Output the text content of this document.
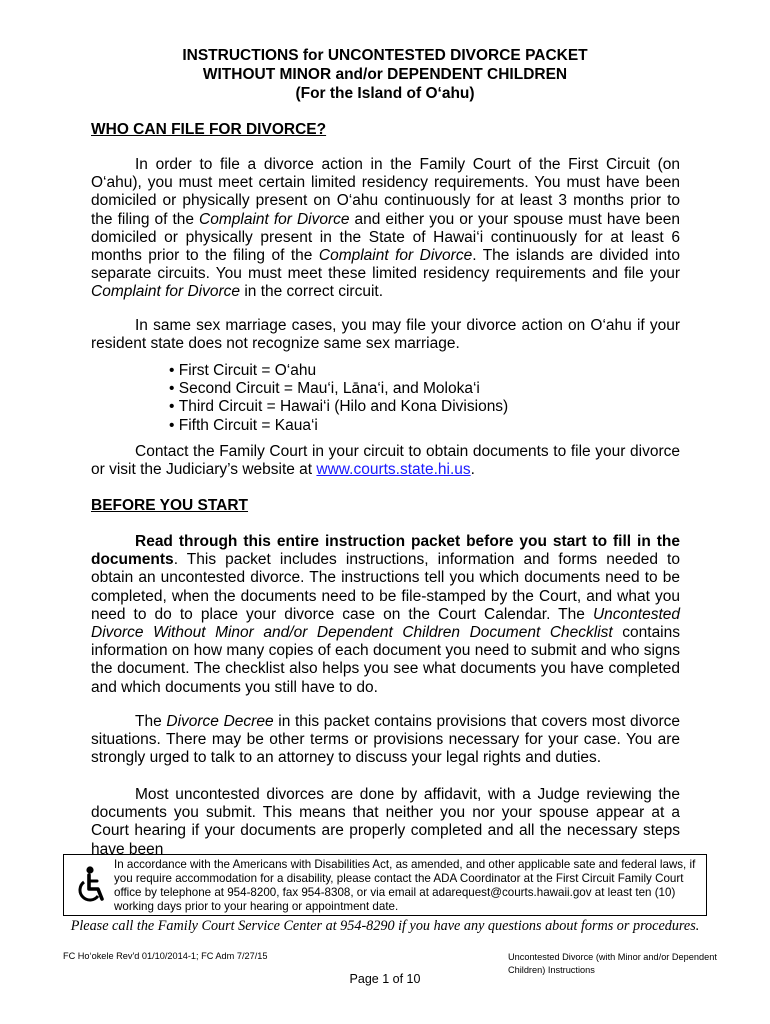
INSTRUCTIONS for UNCONTESTED DIVORCE PACKET
WITHOUT MINOR and/or DEPENDENT CHILDREN
(For the Island of O‘ahu)
WHO CAN FILE FOR DIVORCE?
In order to file a divorce action in the Family Court of the First Circuit (on O‘ahu), you must meet certain limited residency requirements. You must have been domiciled or physically present on O‘ahu continuously for at least 3 months prior to the filing of the Complaint for Divorce and either you or your spouse must have been domiciled or physically present in the State of Hawai‘i continuously for at least 6 months prior to the filing of the Complaint for Divorce. The islands are divided into separate circuits. You must meet these limited residency requirements and file your Complaint for Divorce in the correct circuit.
In same sex marriage cases, you may file your divorce action on O‘ahu if your resident state does not recognize same sex marriage.
• First Circuit = O‘ahu
• Second Circuit = Mau‘i, Lāna‘i, and Moloka‘i
• Third Circuit = Hawai‘i (Hilo and Kona Divisions)
• Fifth Circuit = Kaua‘i
Contact the Family Court in your circuit to obtain documents to file your divorce or visit the Judiciary’s website at www.courts.state.hi.us.
BEFORE YOU START
Read through this entire instruction packet before you start to fill in the documents. This packet includes instructions, information and forms needed to obtain an uncontested divorce. The instructions tell you which documents need to be completed, when the documents need to be file-stamped by the Court, and what you need to do to place your divorce case on the Court Calendar. The Uncontested Divorce Without Minor and/or Dependent Children Document Checklist contains information on how many copies of each document you need to submit and who signs the document. The checklist also helps you see what documents you have completed and which documents you still have to do.
The Divorce Decree in this packet contains provisions that covers most divorce situations. There may be other terms or provisions necessary for your case. You are strongly urged to talk to an attorney to discuss your legal rights and duties.
Most uncontested divorces are done by affidavit, with a Judge reviewing the documents you submit. This means that neither you nor your spouse appear at a Court hearing if your documents are properly completed and all the necessary steps have been
In accordance with the Americans with Disabilities Act, as amended, and other applicable sate and federal laws, if you require accommodation for a disability, please contact the ADA Coordinator at the First Circuit Family Court office by telephone at 954-8200, fax 954-8308, or via email at adarequest@courts.hawaii.gov at least ten (10) working days prior to your hearing or appointment date.
Please call the Family Court Service Center at 954-8290 if you have any questions about forms or procedures.
FC Ho‘okele Rev'd 01/10/2014-1; FC Adm 7/27/15	Uncontested Divorce (with Minor and/or Dependent Children) Instructions
Page 1 of 10
